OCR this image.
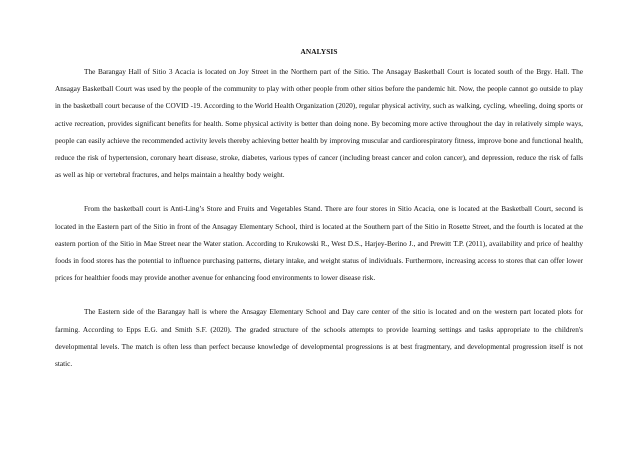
ANALYSIS

The Barangay Hall of Sitio 3 Acacia is located on Joy Street in the Northern part of the Sitio. The Ansagay Basketball Court is located south of the Brgy. Hall. The Ansagay Basketball Court was used by the people of the community to play with other people from other sitios before the pandemic hit. Now, the people cannot go outside to play in the basketball court because of the COVID -19. According to the World Health Organization (2020), regular physical activity, such as walking, cycling, wheeling, doing sports or active recreation, provides significant benefits for health. Some physical activity is better than doing none. By becoming more active throughout the day in relatively simple ways, people can easily achieve the recommended activity levels thereby achieving better health by improving muscular and cardiorespiratory fitness, improve bone and functional health, reduce the risk of hypertension, coronary heart disease, stroke, diabetes, various types of cancer (including breast cancer and colon cancer), and depression, reduce the risk of falls as well as hip or vertebral fractures, and helps maintain a healthy body weight.

From the basketball court is Anti-Ling’s Store and Fruits and Vegetables Stand. There are four stores in Sitio Acacia, one is located at the Basketball Court, second is located in the Eastern part of the Sitio in front of the Ansagay Elementary School, third is located at the Southern part of the Sitio in Rosette Street, and the fourth is located at the eastern portion of the Sitio in Mae Street near the Water station. According to Krukowski R., West D.S., Harjey-Berino J., and Prewitt T.P. (2011), availability and price of healthy foods in food stores has the potential to influence purchasing patterns, dietary intake, and weight status of individuals. Furthermore, increasing access to stores that can offer lower prices for healthier foods may provide another avenue for enhancing food environments to lower disease risk.

The Eastern side of the Barangay hall is where the Ansagay Elementary School and Day care center of the sitio is located and on the western part located plots for farming. According to Epps E.G. and Smith S.F. (2020). The graded structure of the schools attempts to provide learning settings and tasks appropriate to the children's developmental levels. The match is often less than perfect because knowledge of developmental progressions is at best fragmentary, and developmental progression itself is not static.
